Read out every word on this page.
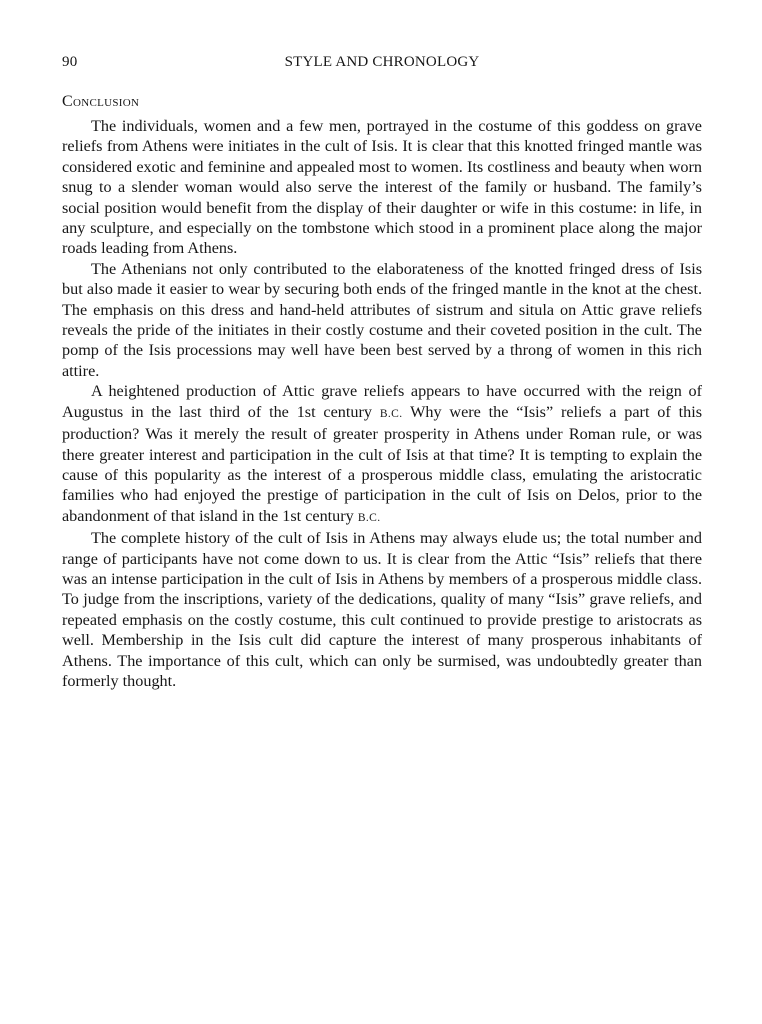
90	STYLE AND CHRONOLOGY
Conclusion

The individuals, women and a few men, portrayed in the costume of this goddess on grave reliefs from Athens were initiates in the cult of Isis. It is clear that this knotted fringed mantle was considered exotic and feminine and appealed most to women. Its costliness and beauty when worn snug to a slender woman would also serve the interest of the family or husband. The family’s social position would benefit from the display of their daughter or wife in this costume: in life, in any sculpture, and especially on the tombstone which stood in a prominent place along the major roads leading from Athens.

The Athenians not only contributed to the elaborateness of the knotted fringed dress of Isis but also made it easier to wear by securing both ends of the fringed mantle in the knot at the chest. The emphasis on this dress and hand-held attributes of sistrum and situla on Attic grave reliefs reveals the pride of the initiates in their costly costume and their coveted position in the cult. The pomp of the Isis processions may well have been best served by a throng of women in this rich attire.

A heightened production of Attic grave reliefs appears to have occurred with the reign of Augustus in the last third of the 1st century B.C. Why were the “Isis” reliefs a part of this production? Was it merely the result of greater prosperity in Athens under Roman rule, or was there greater interest and participation in the cult of Isis at that time? It is tempting to explain the cause of this popularity as the interest of a prosperous middle class, emulating the aristocratic families who had enjoyed the prestige of participation in the cult of Isis on Delos, prior to the abandonment of that island in the 1st century B.C.

The complete history of the cult of Isis in Athens may always elude us; the total number and range of participants have not come down to us. It is clear from the Attic “Isis” reliefs that there was an intense participation in the cult of Isis in Athens by members of a prosperous middle class. To judge from the inscriptions, variety of the dedications, quality of many “Isis” grave reliefs, and repeated emphasis on the costly costume, this cult continued to provide prestige to aristocrats as well. Membership in the Isis cult did capture the interest of many prosperous inhabitants of Athens. The importance of this cult, which can only be surmised, was undoubtedly greater than formerly thought.
